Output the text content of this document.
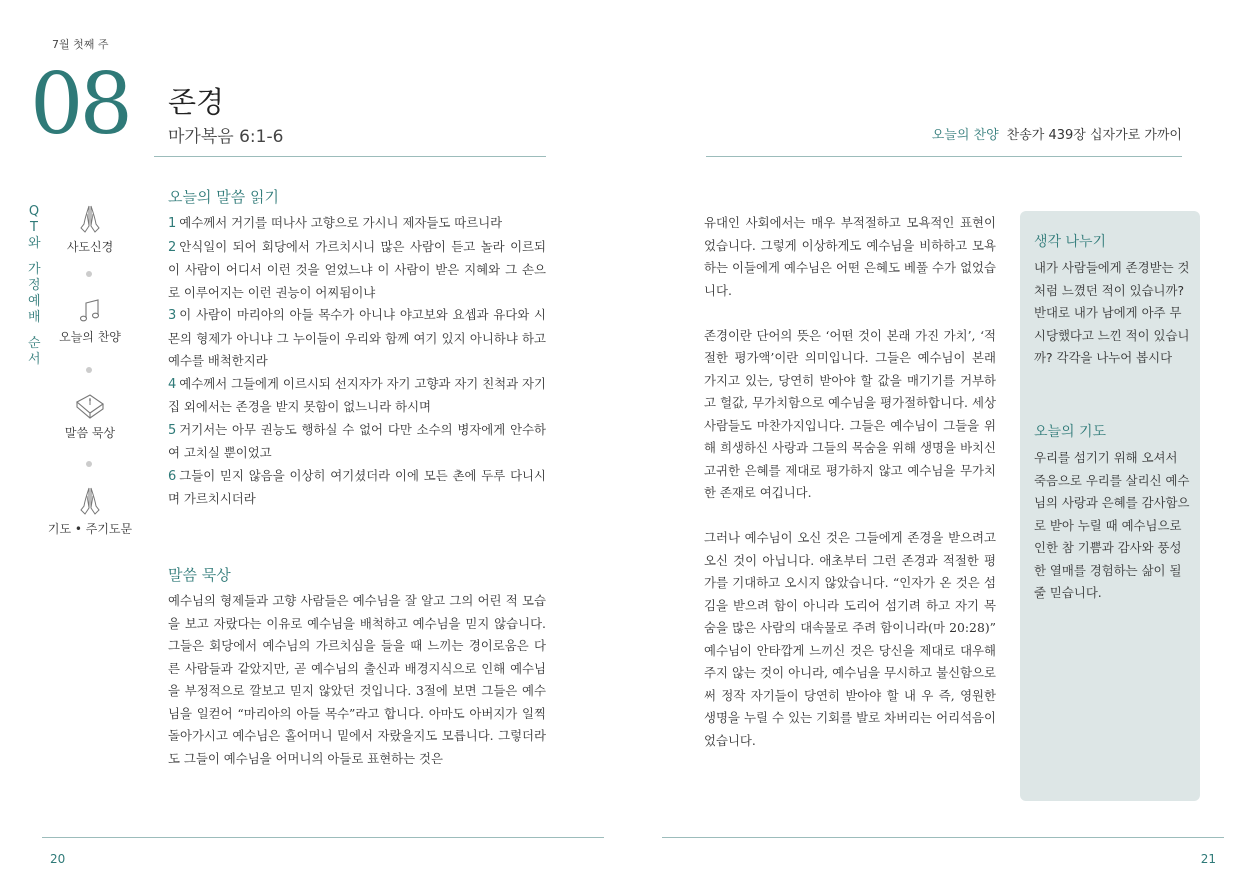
7월 첫째 주
08 존경
마가복음 6:1-6	오늘의 찬양 찬송가 439장 십자가로 가까이
Q
T
와
가
정
예
배
순
서
사도신경
오늘의 찬양
말씀 묵상
기도 • 주기도문
오늘의 말씀 읽기
1 예수께서 거기를 떠나사 고향으로 가시니 제자들도 따르니라
2 안식일이 되어 회당에서 가르치시니 많은 사람이 듣고 놀라 이르되 이 사람이 어디서 이런 것을 얻었느냐 이 사람이 받은 지혜와 그 손으로 이루어지는 이런 권능이 어찌됨이냐
3 이 사람이 마리아의 아들 목수가 아니냐 야고보와 요셉과 유다와 시몬의 형제가 아니냐 그 누이들이 우리와 함께 여기 있지 아니하냐 하고 예수를 배척한지라
4 예수께서 그들에게 이르시되 선지자가 자기 고향과 자기 친척과 자기 집 외에서는 존경을 받지 못함이 없느니라 하시며
5 거기서는 아무 권능도 행하실 수 없어 다만 소수의 병자에게 안수하여 고치실 뿐이었고
6 그들이 믿지 않음을 이상히 여기셨더라 이에 모든 촌에 두루 다니시며 가르치시더라
말씀 묵상
예수님의 형제들과 고향 사람들은 예수님을 잘 알고 그의 어린 적 모습을 보고 자랐다는 이유로 예수님을 배척하고 예수님을 믿지 않습니다. 그들은 회당에서 예수님의 가르치심을 들을 때 느끼는 경이로움은 다른 사람들과 같았지만, 곧 예수님의 출신과 배경지식으로 인해 예수님을 부정적으로 깔보고 믿지 않았던 것입니다. 3절에 보면 그들은 예수님을 일컫어 “마리아의 아들 목수”라고 합니다. 아마도 아버지가 일찍 돌아가시고 예수님은 홀어머니 밑에서 자랐을지도 모릅니다. 그렇더라도 그들이 예수님을 어머니의 아들로 표현하는 것은

유대인 사회에서는 매우 부적절하고 모욕적인 표현이었습니다. 그렇게 이상하게도 예수님을 비하하고 모욕하는 이들에게 예수님은 어떤 은혜도 베풀 수가 없었습니다.

존경이란 단어의 뜻은 ‘어떤 것이 본래 가진 가치’, ‘적절한 평가액’이란 의미입니다. 그들은 예수님이 본래 가지고 있는, 당연히 받아야 할 값을 매기기를 거부하고 헐값, 무가치함으로 예수님을 평가절하합니다. 세상 사람들도 마찬가지입니다. 그들은 예수님이 그들을 위해 희생하신 사랑과 그들의 목숨을 위해 생명을 바치신 고귀한 은혜를 제대로 평가하지 않고 예수님을 무가치한 존재로 여깁니다.

그러나 예수님이 오신 것은 그들에게 존경을 받으려고 오신 것이 아닙니다. 애초부터 그런 존경과 적절한 평가를 기대하고 오시지 않았습니다. “인자가 온 것은 섬김을 받으려 함이 아니라 도리어 섬기려 하고 자기 목숨을 많은 사람의 대속물로 주려 함이니라(마 20:28)” 예수님이 안타깝게 느끼신 것은 당신을 제대로 대우해주지 않는 것이 아니라, 예수님을 무시하고 불신함으로써 정작 자기들이 당연히 받아야 할 내 우 즉, 영원한 생명을 누릴 수 있는 기회를 발로 차버리는 어리석음이었습니다.

생각 나누기
내가 사람들에게 존경받는 것처럼 느꼈던 적이 있습니까? 반대로 내가 남에게 아주 무시당했다고 느낀 적이 있습니까? 각각을 나누어 봅시다
오늘의 기도
우리를 섬기기 위해 오셔서 죽음으로 우리를 살리신 예수님의 사랑과 은혜를 감사함으로 받아 누릴 때 예수님으로 인한 참 기쁨과 감사와 풍성한 열매를 경험하는 삶이 될 줄 믿습니다.
20	21
